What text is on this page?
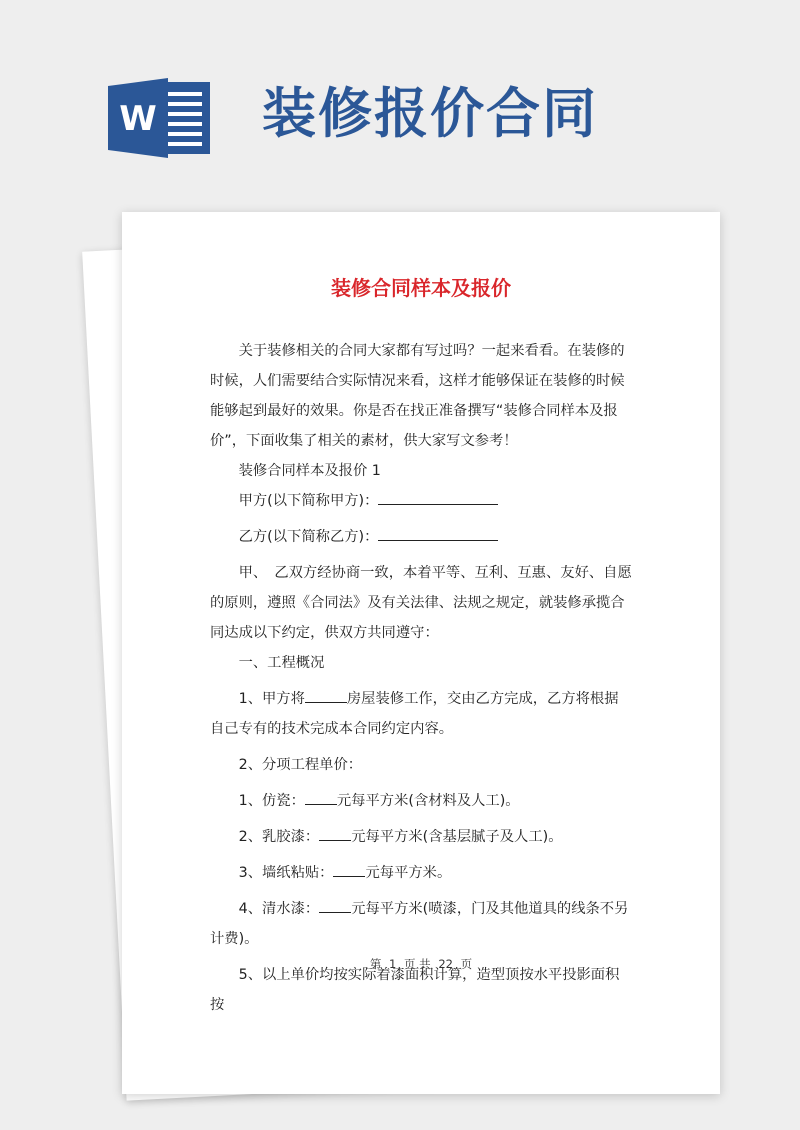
W 装修报价合同
装修合同样本及报价

关于装修相关的合同大家都有写过吗？一起来看看。在装修的时候，人们需要结合实际情况来看，这样才能够保证在装修的时候能够起到最好的效果。你是否在找正准备撰写“装修合同样本及报价”，下面收集了相关的素材，供大家写文参考！

装修合同样本及报价 1

甲方(以下简称甲方)：

乙方(以下简称乙方)：

甲、　乙双方经协商一致，本着平等、互利、互惠、友好、自愿的原则，遵照《合同法》及有关法律、法规之规定，就装修承揽合同达成以下约定，供双方共同遵守：

一、工程概况

1、甲方将	房屋装修工作，交由乙方完成，乙方将根据自己专有的技术完成本合同约定内容。

2、分项工程单价：

1、仿瓷： 元每平方米(含材料及人工)。

2、乳胶漆： 元每平方米(含基层腻子及人工)。

3、墙纸粘贴： 元每平方米。

4、清水漆： 元每平方米(喷漆，门及其他道具的线条不另计费)。

5、以上单价均按实际着漆面积计算，造型顶按水平投影面积按

第 1 页 共 22 页
